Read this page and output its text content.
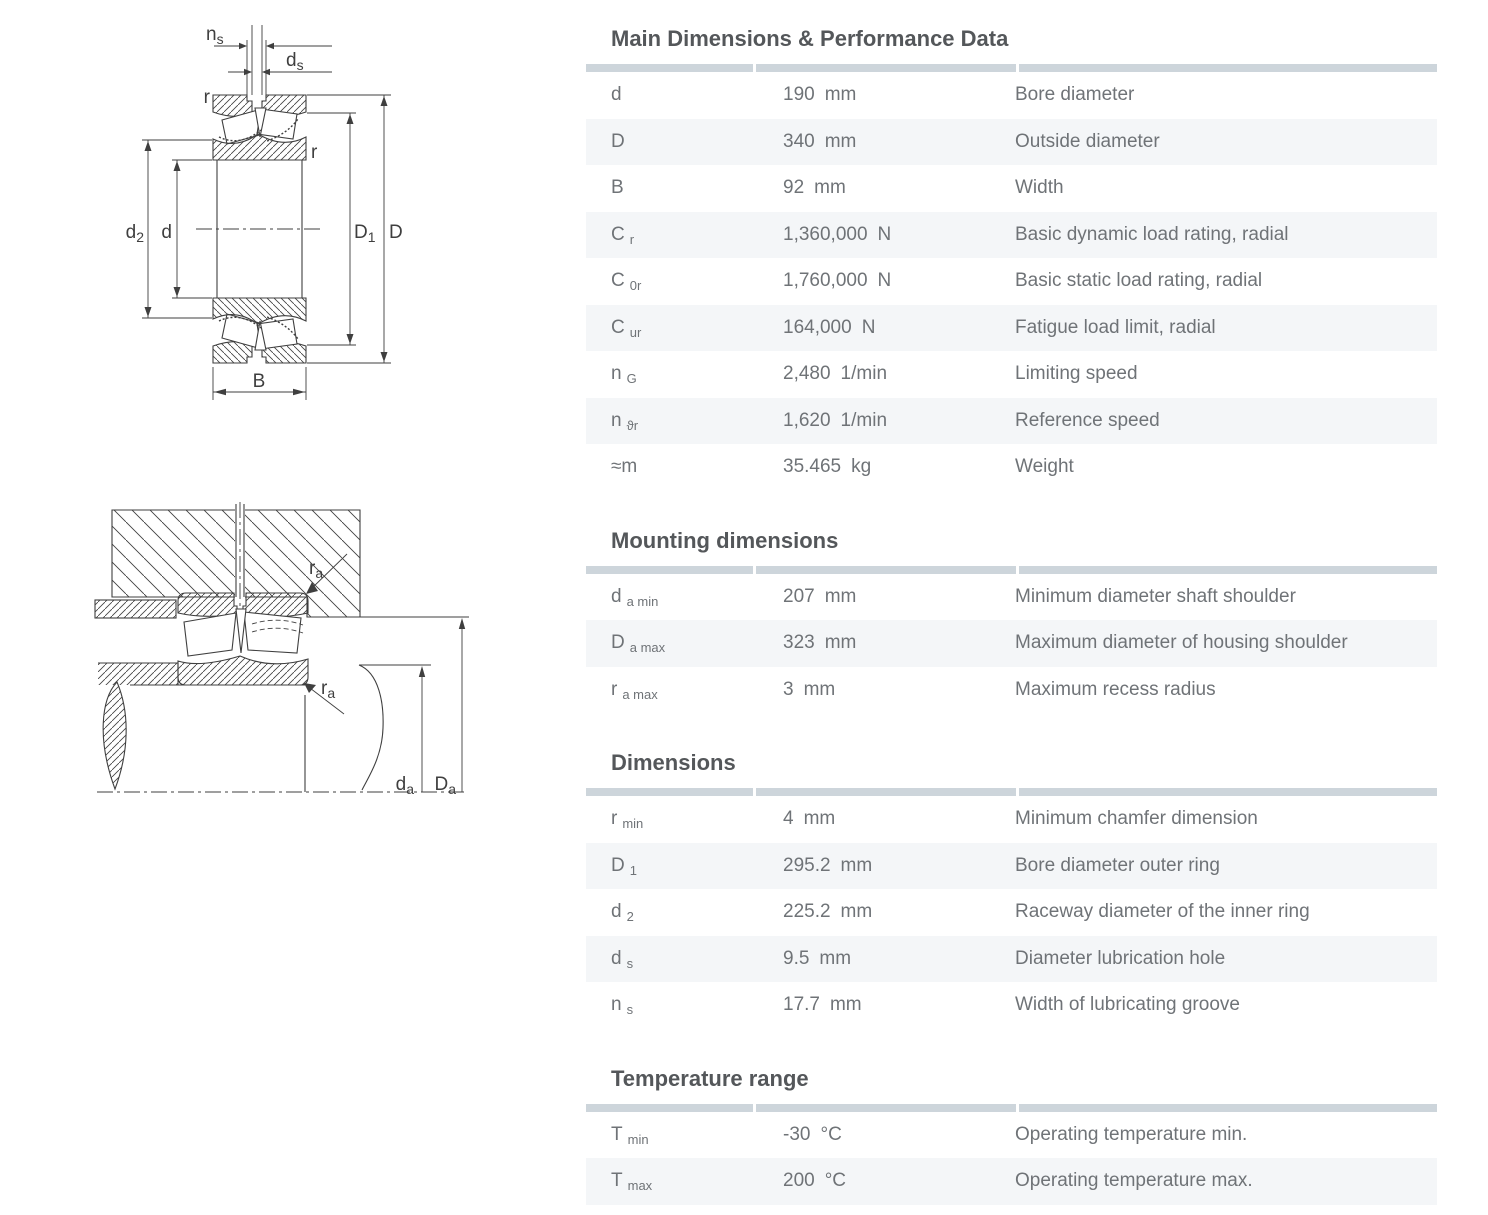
$n_s$
$d_s$
r
r
$d_2$ d	$D_1$ D
B
$r_a$
$r_a$
$d_a$ $D_a$
Main Dimensions & Performance Data
d	190 mm	Bore diameter
D	340 mm	Outside diameter
B	92 mm	Width
C $_r$	1,360,000 N	Basic dynamic load rating, radial
C $_{0r}$	1,760,000 N	Basic static load rating, radial
C $_{ur}$	164,000 N	Fatigue load limit, radial
n $_G$	2,480 1/min	Limiting speed
n $_{ϑr}$	1,620 1/min	Reference speed
≈m	35.465 kg	Weight
Mounting dimensions
d $_{a min}$	207 mm	Minimum diameter shaft shoulder
D $_{a max}$	323 mm	Maximum diameter of housing shoulder
r $_{a max}$	3 mm	Maximum recess radius
Dimensions
r $_{min}$	4 mm	Minimum chamfer dimension
D $_1$	295.2 mm	Bore diameter outer ring
d $_2$	225.2 mm	Raceway diameter of the inner ring
d $_s$	9.5 mm	Diameter lubrication hole
n $_s$	17.7 mm	Width of lubricating groove
Temperature range
T $_{min}$	-30 °C	Operating temperature min.
T $_{max}$	200 °C	Operating temperature max.
